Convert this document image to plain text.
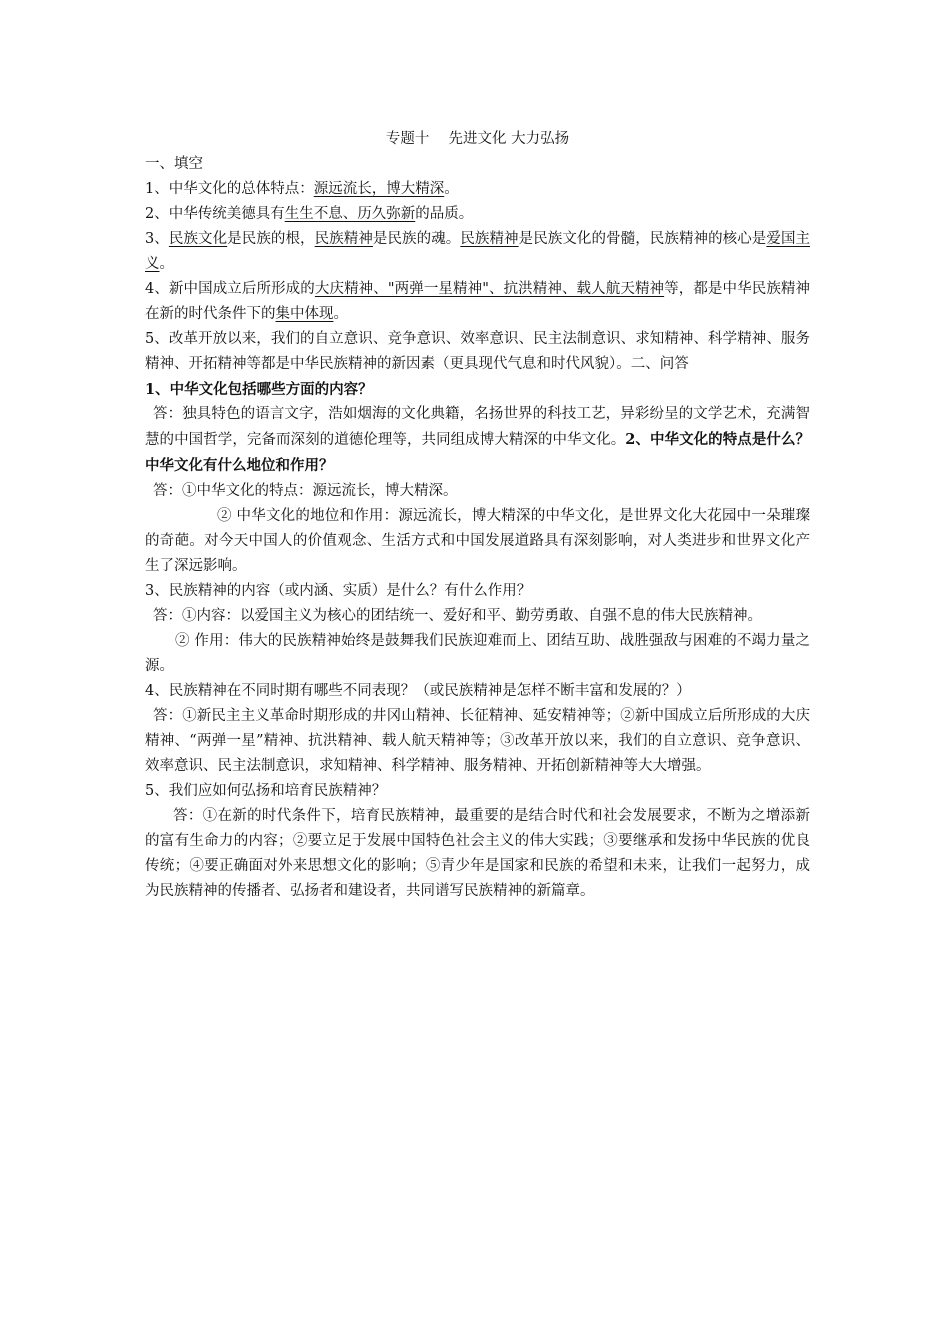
专题十　 先进文化 大力弘扬

一、填空

1、中华文化的总体特点：源远流长，博大精深。

2、中华传统美德具有生生不息、历久弥新的品质。

3、民族文化是民族的根，民族精神是民族的魂。民族精神是民族文化的骨髓，民族精神的核心是爱国主义。

4、新中国成立后所形成的大庆精神、"两弹一星精神"、抗洪精神、载人航天精神等，都是中华民族精神在新的时代条件下的集中体现。

5、改革开放以来，我们的自立意识、竞争意识、效率意识、民主法制意识、求知精神、科学精神、服务精神、开拓精神等都是中华民族精神的新因素（更具现代气息和时代风貌）。二、问答

1、中华文化包括哪些方面的内容？

答：独具特色的语言文字，浩如烟海的文化典籍，名扬世界的科技工艺，异彩纷呈的文学艺术，充满智慧的中国哲学，完备而深刻的道德伦理等，共同组成博大精深的中华文化。2、中华文化的特点是什么？中华文化有什么地位和作用？

答：①中华文化的特点：源远流长，博大精深。

② 中华文化的地位和作用：源远流长，博大精深的中华文化，是世界文化大花园中一朵璀璨的奇葩。对今天中国人的价值观念、生活方式和中国发展道路具有深刻影响，对人类进步和世界文化产生了深远影响。

3、民族精神的内容（或内涵、实质）是什么？有什么作用？

答：①内容：以爱国主义为核心的团结统一、爱好和平、勤劳勇敢、自强不息的伟大民族精神。

② 作用：伟大的民族精神始终是鼓舞我们民族迎难而上、团结互助、战胜强敌与困难的不竭力量之源。

4、民族精神在不同时期有哪些不同表现？（或民族精神是怎样不断丰富和发展的？）

答：①新民主主义革命时期形成的井冈山精神、长征精神、延安精神等；②新中国成立后所形成的大庆精神、“两弹一星”精神、抗洪精神、载人航天精神等；③改革开放以来，我们的自立意识、竞争意识、效率意识、民主法制意识，求知精神、科学精神、服务精神、开拓创新精神等大大增强。

5、我们应如何弘扬和培育民族精神？

答：①在新的时代条件下，培育民族精神，最重要的是结合时代和社会发展要求，不断为之增添新的富有生命力的内容；②要立足于发展中国特色社会主义的伟大实践；③要继承和发扬中华民族的优良传统；④要正确面对外来思想文化的影响；⑤青少年是国家和民族的希望和未来，让我们一起努力，成为民族精神的传播者、弘扬者和建设者，共同谱写民族精神的新篇章。
